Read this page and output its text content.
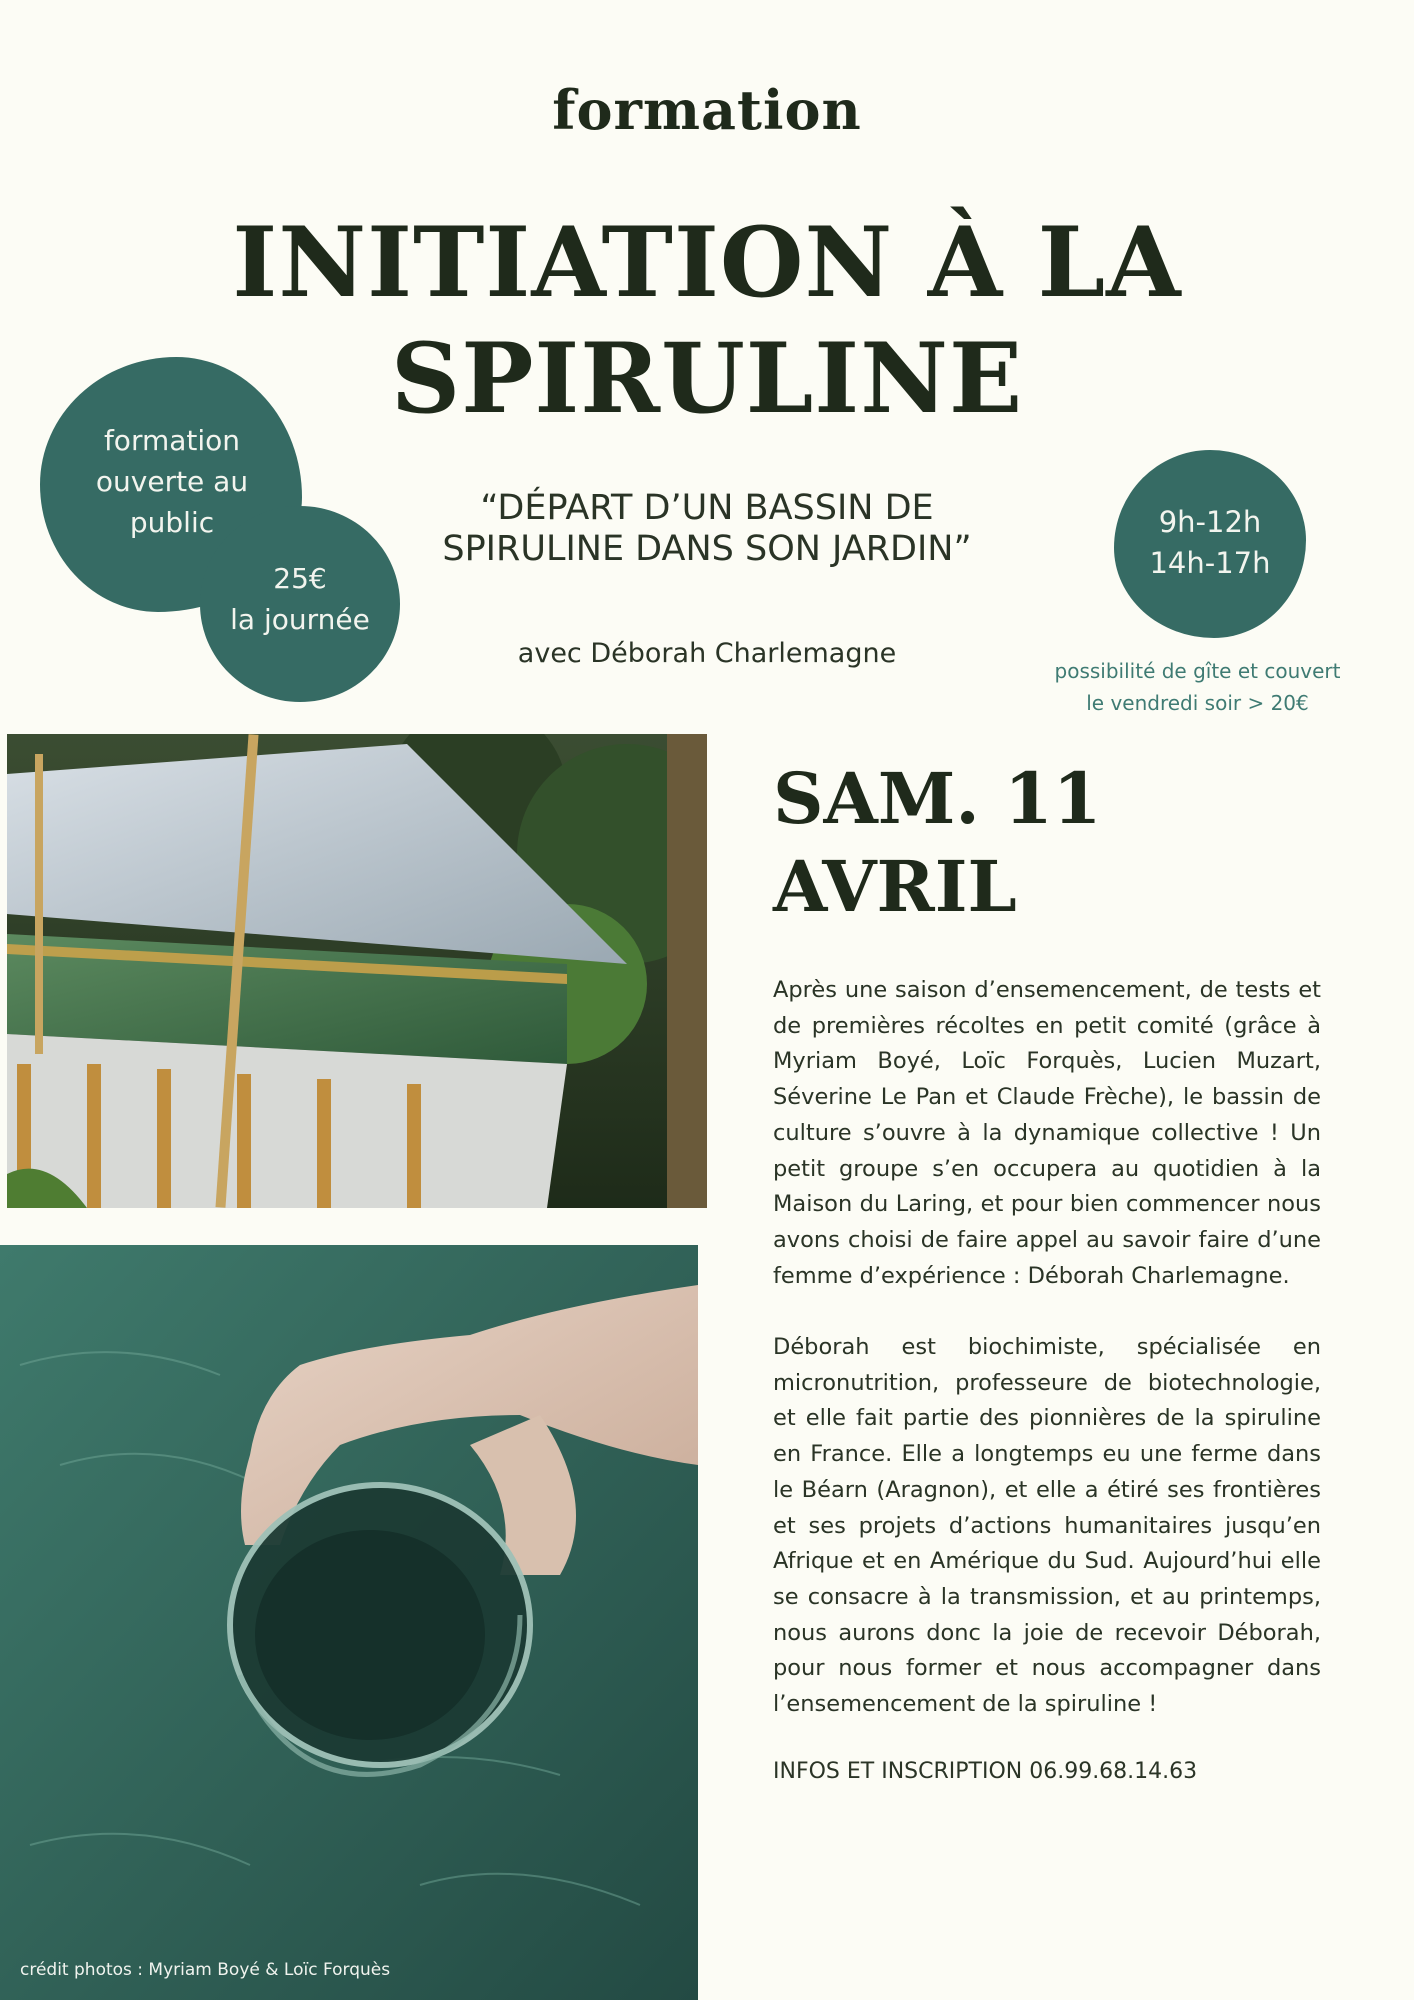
formation
INITIATION À LA
SPIRULINE
“DÉPART D’UN BASSIN DE
SPIRULINE DANS SON JARDIN”
avec Déborah Charlemagne
formation
ouverte au
public
25€
la journée
9h-12h
14h-17h
possibilité de gîte et couvert
le vendredi soir > 20€
crédit photos : Myriam Boyé & Loïc Forquès
SAM. 11
AVRIL
Après une saison d’ensemencement, de tests et de premières récoltes en petit comité (grâce à Myriam Boyé, Loïc Forquès, Lucien Muzart, Séverine Le Pan et Claude Frèche), le bassin de culture s’ouvre à la dynamique collective ! Un petit groupe s’en occupera au quotidien à la Maison du Laring, et pour bien commencer nous avons choisi de faire appel au savoir faire d’une femme d’expérience : Déborah Charlemagne.
Déborah est biochimiste, spécialisée en micronutrition, professeure de biotechnologie, et elle fait partie des pionnières de la spiruline en France. Elle a longtemps eu une ferme dans le Béarn (Aragnon), et elle a étiré ses frontières et ses projets d’actions humanitaires jusqu’en Afrique et en Amérique du Sud. Aujourd’hui elle se consacre à la transmission, et au printemps, nous aurons donc la joie de recevoir Déborah, pour nous former et nous accompagner dans l’ensemencement de la spiruline !
INFOS ET INSCRIPTION 06.99.68.14.63
